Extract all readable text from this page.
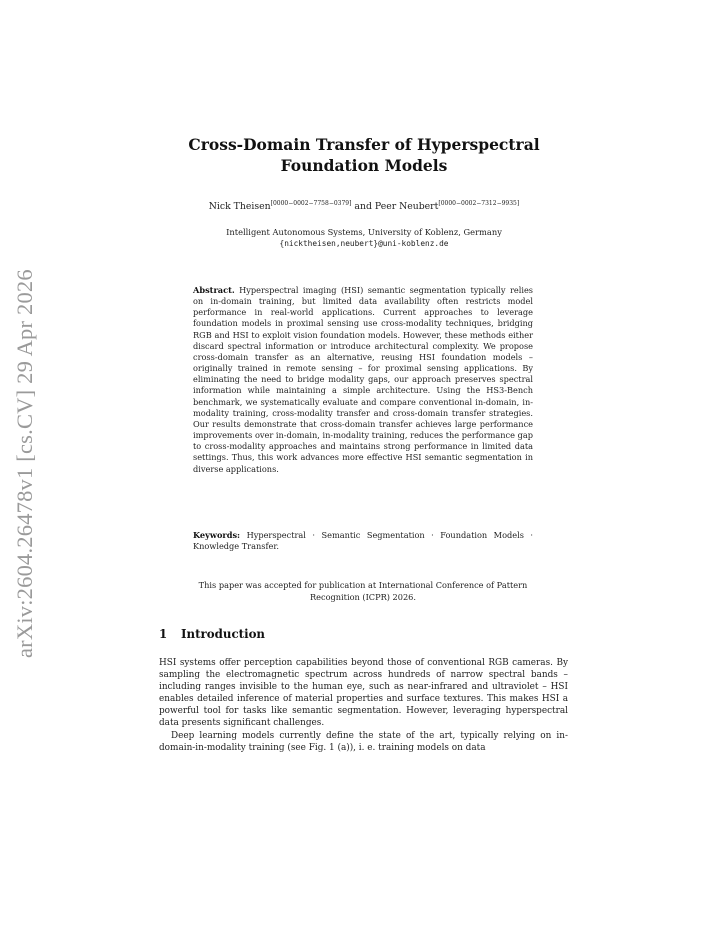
arXiv:2604.26478v1 [cs.CV] 29 Apr 2026
Cross-Domain Transfer of Hyperspectral
Foundation Models
Nick Theisen[0000−0002−7758−0379] and Peer Neubert[0000−0002−7312−9935]
Intelligent Autonomous Systems, University of Koblenz, Germany
{nicktheisen,neubert}@uni-koblenz.de
Abstract. Hyperspectral imaging (HSI) semantic segmentation typically relies on in-domain training, but limited data availability often restricts model performance in real-world applications. Current approaches to leverage foundation models in proximal sensing use cross-modality techniques, bridging RGB and HSI to exploit vision foundation models. However, these methods either discard spectral information or introduce architectural complexity. We propose cross-domain transfer as an alternative, reusing HSI foundation models – originally trained in remote sensing – for proximal sensing applications. By eliminating the need to bridge modality gaps, our approach preserves spectral information while maintaining a simple architecture. Using the HS3-Bench benchmark, we systematically evaluate and compare conventional in-domain, in-modality training, cross-modality transfer and cross-domain transfer strategies. Our results demonstrate that cross-domain transfer achieves large performance improvements over in-domain, in-modality training, reduces the performance gap to cross-modality approaches and maintains strong performance in limited data settings. Thus, this work advances more effective HSI semantic segmentation in diverse applications.
Keywords: Hyperspectral · Semantic Segmentation · Foundation Models · Knowledge Transfer.
This paper was accepted for publication at International Conference of Pattern Recognition (ICPR) 2026.
1 Introduction

HSI systems offer perception capabilities beyond those of conventional RGB cameras. By sampling the electromagnetic spectrum across hundreds of narrow spectral bands – including ranges invisible to the human eye, such as near-infrared and ultraviolet – HSI enables detailed inference of material properties and surface textures. This makes HSI a powerful tool for tasks like semantic segmentation. However, leveraging hyperspectral data presents significant challenges.

Deep learning models currently define the state of the art, typically relying on in-domain-in-modality training (see Fig. 1 (a)), i. e. training models on data
